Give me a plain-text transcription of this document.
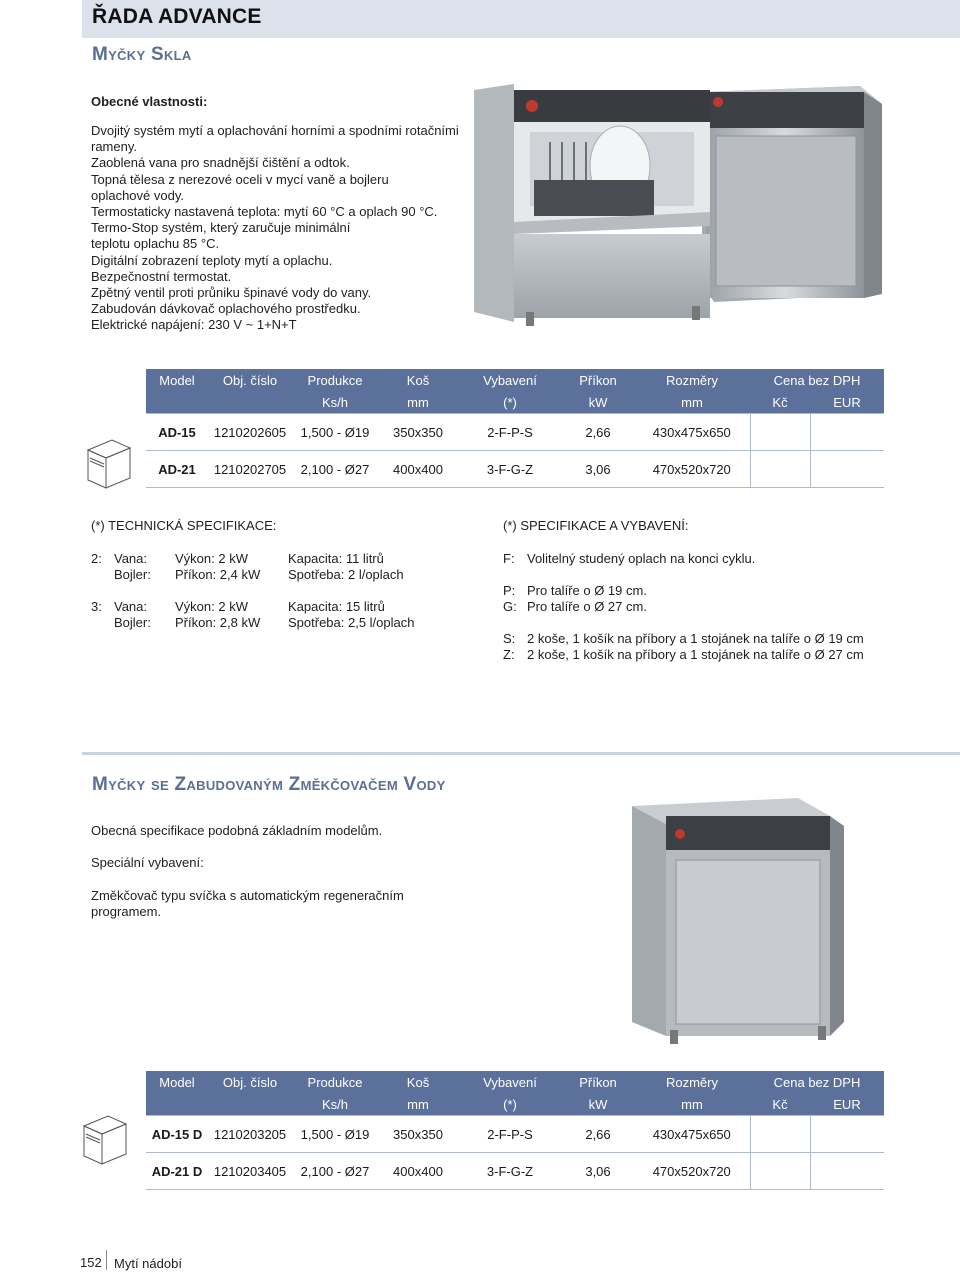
ŘADA ADVANCE
Myčky Skla
Obecné vlastnosti:
Dvojitý systém mytí a oplachování horními a spodními rotačními
rameny.
Zaoblená vana pro snadnější čištění a odtok.
Topná tělesa z nerezové oceli v mycí vaně a bojleru
oplachové vody.
Termostaticky nastavená teplota: mytí 60 °C a oplach 90 °C.
Termo-Stop systém, který zaručuje minimální
teplotu oplachu 85 °C.
Digitální zobrazení teploty mytí a oplachu.
Bezpečnostní termostat.
Zpětný ventil proti průniku špinavé vody do vany.
Zabudován dávkovač oplachového prostředku.
Elektrické napájení: 230 V ~ 1+N+T
Model	Obj. číslo	Produkce	Koš	Vybavení	Příkon	Rozměry	Cena bez DPH	
		Ks/h	mm	(*)	kW	mm	Kč	EUR
AD-15	1210202605	1,500 - Ø19	350x350	2-F-P-S	2,66	430x475x650		
AD-21	1210202705	2,100 - Ø27	400x400	3-F-G-Z	3,06	470x520x720		
(*) TECHNICKÁ SPECIFIKACE:
2: Vana: Výkon: 2 kW	Kapacita: 11 litrů
Bojler: Příkon: 2,4 kW Spotřeba: 2 l/oplach
3: Vana: Výkon: 2 kW	Kapacita: 15 litrů
Bojler: Příkon: 2,8 kW Spotřeba: 2,5 l/oplach
(*) SPECIFIKACE A VYBAVENÍ:
F: Volitelný studený oplach na konci cyklu.
P: Pro talíře o Ø 19 cm.
G: Pro talíře o Ø 27 cm.
S: 2 koše, 1 košík na příbory a 1 stojánek na talíře o Ø 19 cm
Z: 2 koše, 1 košík na příbory a 1 stojánek na talíře o Ø 27 cm
Myčky se Zabudovaným Změkčovačem Vody
Obecná specifikace podobná základním modelům.
Speciální vybavení:
Změkčovač typu svíčka s automatickým regeneračním
programem.
Model	Obj. číslo	Produkce	Koš	Vybavení	Příkon	Rozměry	Cena bez DPH	
		Ks/h	mm	(*)	kW	mm	Kč	EUR
AD-15 D	1210203205	1,500 - Ø19	350x350	2-F-P-S	2,66	430x475x650		
AD-21 D	1210203405	2,100 - Ø27	400x400	3-F-G-Z	3,06	470x520x720		
152 Mytí nádobí
